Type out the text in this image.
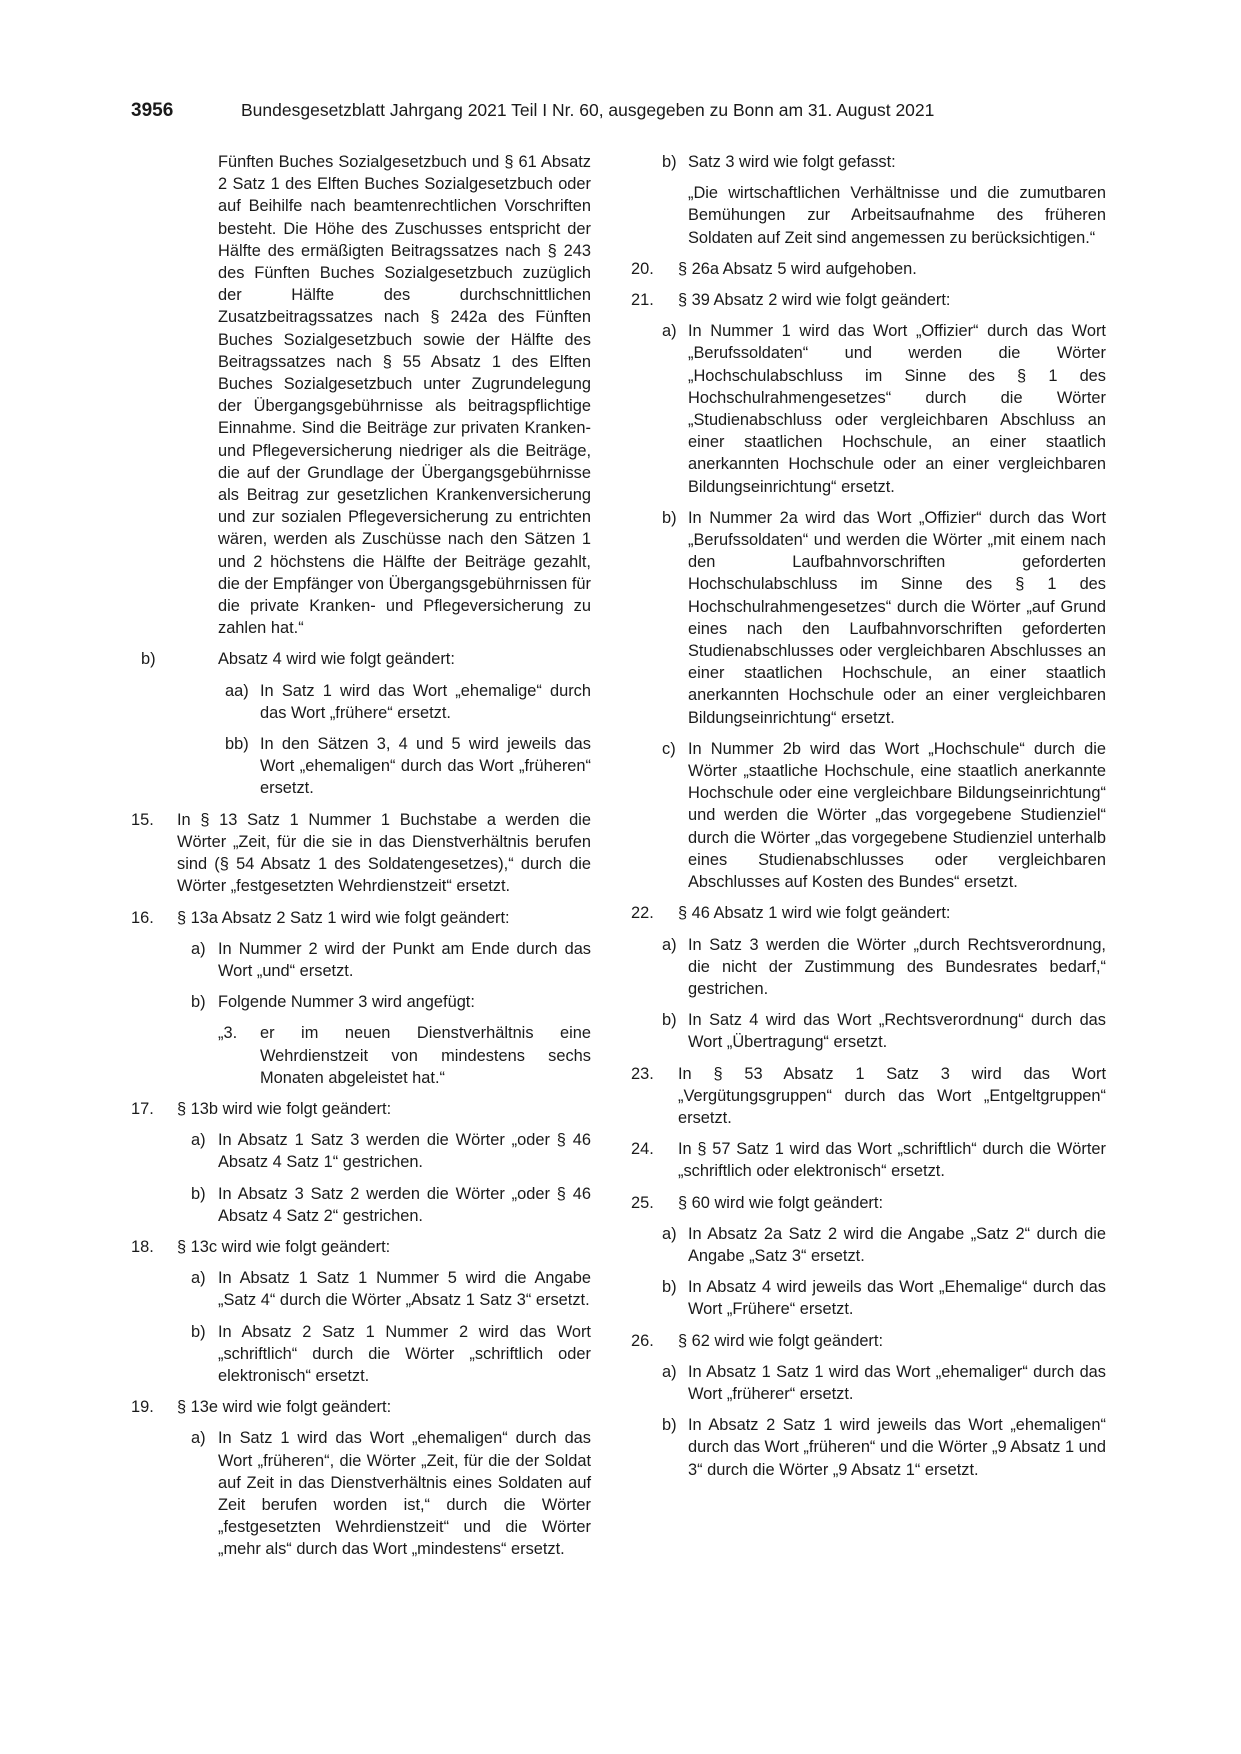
3956	Bundesgesetzblatt Jahrgang 2021 Teil I Nr. 60, ausgegeben zu Bonn am 31. August 2021
Fünften Buches Sozialgesetzbuch und § 61 Absatz 2 Satz 1 des Elften Buches Sozialgesetzbuch oder auf Beihilfe nach beamtenrechtlichen Vorschriften besteht. Die Höhe des Zuschusses entspricht der Hälfte des ermäßigten Beitragssatzes nach § 243 des Fünften Buches Sozialgesetzbuch zuzüglich der Hälfte des durchschnittlichen Zusatzbeitragssatzes nach § 242a des Fünften Buches Sozialgesetzbuch sowie der Hälfte des Beitragssatzes nach § 55 Absatz 1 des Elften Buches Sozialgesetzbuch unter Zugrundelegung der Übergangsgebührnisse als beitragspflichtige Einnahme. Sind die Beiträge zur privaten Kranken- und Pflegeversicherung niedriger als die Beiträge, die auf der Grundlage der Übergangsgebührnisse als Beitrag zur gesetzlichen Krankenversicherung und zur sozialen Pflegeversicherung zu entrichten wären, werden als Zuschüsse nach den Sätzen 1 und 2 höchstens die Hälfte der Beiträge gezahlt, die der Empfänger von Übergangsgebührnissen für die private Kranken- und Pflegeversicherung zu zahlen hat.“
b)	Absatz 4 wird wie folgt geändert:
aa) In Satz 1 wird das Wort „ehemalige“ durch das Wort „frühere“ ersetzt.
bb) In den Sätzen 3, 4 und 5 wird jeweils das Wort „ehemaligen“ durch das Wort „früheren“ ersetzt.
15. In § 13 Satz 1 Nummer 1 Buchstabe a werden die Wörter „Zeit, für die sie in das Dienstverhältnis berufen sind (§ 54 Absatz 1 des Soldatengesetzes),“ durch die Wörter „festgesetzten Wehrdienstzeit“ ersetzt.
16. § 13a Absatz 2 Satz 1 wird wie folgt geändert:
a) In Nummer 2 wird der Punkt am Ende durch das Wort „und“ ersetzt.
b) Folgende Nummer 3 wird angefügt:
„3. er im neuen Dienstverhältnis eine Wehrdienstzeit von mindestens sechs Monaten abgeleistet hat.“
17. § 13b wird wie folgt geändert:
a) In Absatz 1 Satz 3 werden die Wörter „oder § 46 Absatz 4 Satz 1“ gestrichen.
b) In Absatz 3 Satz 2 werden die Wörter „oder § 46 Absatz 4 Satz 2“ gestrichen.
18. § 13c wird wie folgt geändert:
a) In Absatz 1 Satz 1 Nummer 5 wird die Angabe „Satz 4“ durch die Wörter „Absatz 1 Satz 3“ ersetzt.
b) In Absatz 2 Satz 1 Nummer 2 wird das Wort „schriftlich“ durch die Wörter „schriftlich oder elektronisch“ ersetzt.
19. § 13e wird wie folgt geändert:
a) In Satz 1 wird das Wort „ehemaligen“ durch das Wort „früheren“, die Wörter „Zeit, für die der Soldat auf Zeit in das Dienstverhältnis eines Soldaten auf Zeit berufen worden ist,“ durch die Wörter „festgesetzten Wehrdienstzeit“ und die Wörter „mehr als“ durch das Wort „mindestens“ ersetzt.
b) Satz 3 wird wie folgt gefasst:
„Die wirtschaftlichen Verhältnisse und die zumutbaren Bemühungen zur Arbeitsaufnahme des früheren Soldaten auf Zeit sind angemessen zu berücksichtigen.“
20. § 26a Absatz 5 wird aufgehoben.
21. § 39 Absatz 2 wird wie folgt geändert:
a) In Nummer 1 wird das Wort „Offizier“ durch das Wort „Berufssoldaten“ und werden die Wörter „Hochschulabschluss im Sinne des § 1 des Hochschulrahmengesetzes“ durch die Wörter „Studienabschluss oder vergleichbaren Abschluss an einer staatlichen Hochschule, an einer staatlich anerkannten Hochschule oder an einer vergleichbaren Bildungseinrichtung“ ersetzt.
b) In Nummer 2a wird das Wort „Offizier“ durch das Wort „Berufssoldaten“ und werden die Wörter „mit einem nach den Laufbahnvorschriften geforderten Hochschulabschluss im Sinne des § 1 des Hochschulrahmengesetzes“ durch die Wörter „auf Grund eines nach den Laufbahnvorschriften geforderten Studienabschlusses oder vergleichbaren Abschlusses an einer staatlichen Hochschule, an einer staatlich anerkannten Hochschule oder an einer vergleichbaren Bildungseinrichtung“ ersetzt.
c) In Nummer 2b wird das Wort „Hochschule“ durch die Wörter „staatliche Hochschule, eine staatlich anerkannte Hochschule oder eine vergleichbare Bildungseinrichtung“ und werden die Wörter „das vorgegebene Studienziel“ durch die Wörter „das vorgegebene Studienziel unterhalb eines Studienabschlusses oder vergleichbaren Abschlusses auf Kosten des Bundes“ ersetzt.
22. § 46 Absatz 1 wird wie folgt geändert:
a) In Satz 3 werden die Wörter „durch Rechtsverordnung, die nicht der Zustimmung des Bundesrates bedarf,“ gestrichen.
b) In Satz 4 wird das Wort „Rechtsverordnung“ durch das Wort „Übertragung“ ersetzt.
23. In § 53 Absatz 1 Satz 3 wird das Wort „Vergütungsgruppen“ durch das Wort „Entgeltgruppen“ ersetzt.
24. In § 57 Satz 1 wird das Wort „schriftlich“ durch die Wörter „schriftlich oder elektronisch“ ersetzt.
25. § 60 wird wie folgt geändert:
a) In Absatz 2a Satz 2 wird die Angabe „Satz 2“ durch die Angabe „Satz 3“ ersetzt.
b) In Absatz 4 wird jeweils das Wort „Ehemalige“ durch das Wort „Frühere“ ersetzt.
26. § 62 wird wie folgt geändert:
a) In Absatz 1 Satz 1 wird das Wort „ehemaliger“ durch das Wort „früherer“ ersetzt.
b) In Absatz 2 Satz 1 wird jeweils das Wort „ehemaligen“ durch das Wort „früheren“ und die Wörter „9 Absatz 1 und 3“ durch die Wörter „9 Absatz 1“ ersetzt.
